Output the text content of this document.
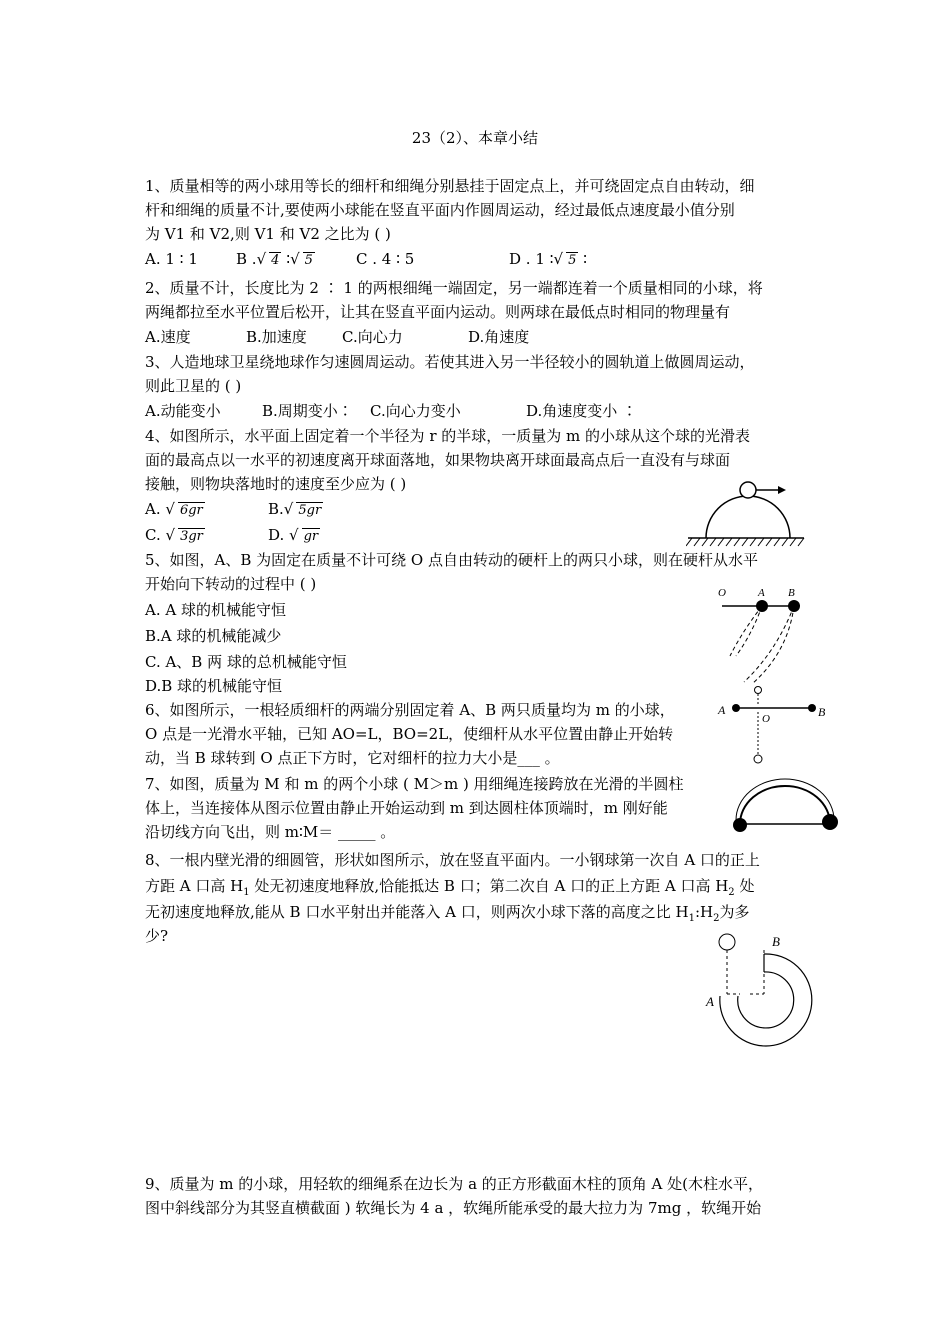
23（2）、本章小结
1、质量相等的两小球用等长的细杆和细绳分别悬挂于固定点上，并可绕固定点自由转动，细
杆和细绳的质量不计,要使两小球能在竖直平面内作圆周运动，经过最低点速度最小值分别
为 V1 和 V2,则 V1 和 V2 之比为 ( )
A. 1 ∶ 1	B .√ 4 ∶√ 5	C . 4 ∶ 5	D . 1 ∶√ 5 ∶
2、质量不计，长度比为 2 ∶ 1 的两根细绳一端固定，另一端都连着一个质量相同的小球，将
两绳都拉至水平位置后松开，让其在竖直平面内运动。则两球在最低点时相同的物理量有
A.速度	B.加速度 C.向心力	D.角速度
3、人造地球卫星绕地球作匀速圆周运动。若使其进入另一半径较小的圆轨道上做圆周运动，
则此卫星的 ( )
A.动能变小	B.周期变小∶ C.向心力变小	D.角速度变小 ∶
4、如图所示，水平面上固定着一个半径为 r 的半球，一质量为 m 的小球从这个球的光滑表
面的最高点以一水平的初速度离开球面落地，如果物块离开球面最高点后一直没有与球面
接触，则物块落地时的速度至少应为 ( )
A. √ 6gr	B.√ 5gr
C. √ 3gr	D. √ gr
5、如图，A、B 为固定在质量不计可绕 O 点自由转动的硬杆上的两只小球，则在硬杆从水平
开始向下转动的过程中 ( )
A. A 球的机械能守恒
B.A 球的机械能减少
C. A、B 两 球的总机械能守恒
D.B 球的机械能守恒
O	A B
6、如图所示，一根轻质细杆的两端分别固定着 A、B 两只质量均为 m 的小球，
O 点是一光滑水平轴，已知 AO=L，BO=2L，使细杆从水平位置由静止开始转
动，当 B 球转到 O 点正下方时，它对细杆的拉力大小是___ 。
A	B
O
7、如图，质量为 M 和 m 的两个小球 ( M＞m ) 用细绳连接跨放在光滑的半圆柱
体上，当连接体从图示位置由静止开始运动到 m 到达圆柱体顶端时，m 刚好能
沿切线方向飞出，则 m∶M＝ _____ 。
8、一根内壁光滑的细圆管，形状如图所示，放在竖直平面内。一小钢球第一次自 A 口的正上
方距 A 口高 $H_1$ 处无初速度地释放,恰能抵达 B 口；第二次自 A 口的正上方距 A 口高 $H_2$ 处
无初速度地释放,能从 B 口水平射出并能落入 A 口，则两次小球下落的高度之比 $H_1:H_2$为多
少?	B
A
9、质量为 m 的小球，用轻软的细绳系在边长为 a 的正方形截面木柱的顶角 A 处(木柱水平，
图中斜线部分为其竖直横截面 ) 软绳长为 4 a ，软绳所能承受的最大拉力为 7mg ，软绳开始
